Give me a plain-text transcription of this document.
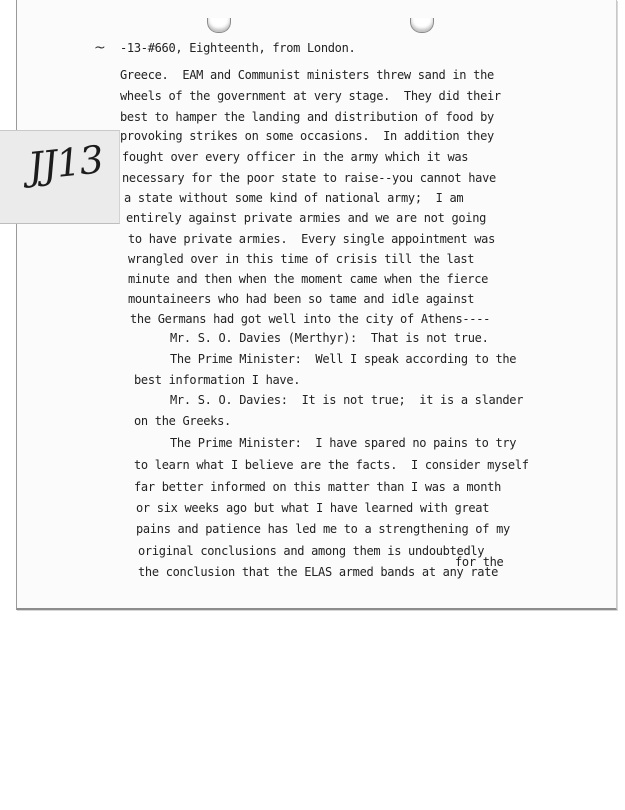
JJ13
-13-#660, Eighteenth, from London.
Greece.  EAM and Communist ministers threw sand in the
wheels of the government at very stage.  They did their
best to hamper the landing and distribution of food by
provoking strikes on some occasions.  In addition they
fought over every officer in the army which it was
necessary for the poor state to raise--you cannot have
a state without some kind of national army;  I am
entirely against private armies and we are not going
to have private armies.  Every single appointment was
wrangled over in this time of crisis till the last
minute and then when the moment came when the fierce
mountaineers who had been so tame and idle against
the Germans had got well into the city of Athens----
Mr. S. O. Davies (Merthyr):  That is not true.
The Prime Minister:  Well I speak according to the
best information I have.
Mr. S. O. Davies:  It is not true;  it is a slander
on the Greeks.
The Prime Minister:  I have spared no pains to try
to learn what I believe are the facts.  I consider myself
far better informed on this matter than I was a month
or six weeks ago but what I have learned with great
pains and patience has led me to a strengthening of my
original conclusions and among them is undoubtedly
the conclusion that the ELAS armed bands at any rate
for the
~
